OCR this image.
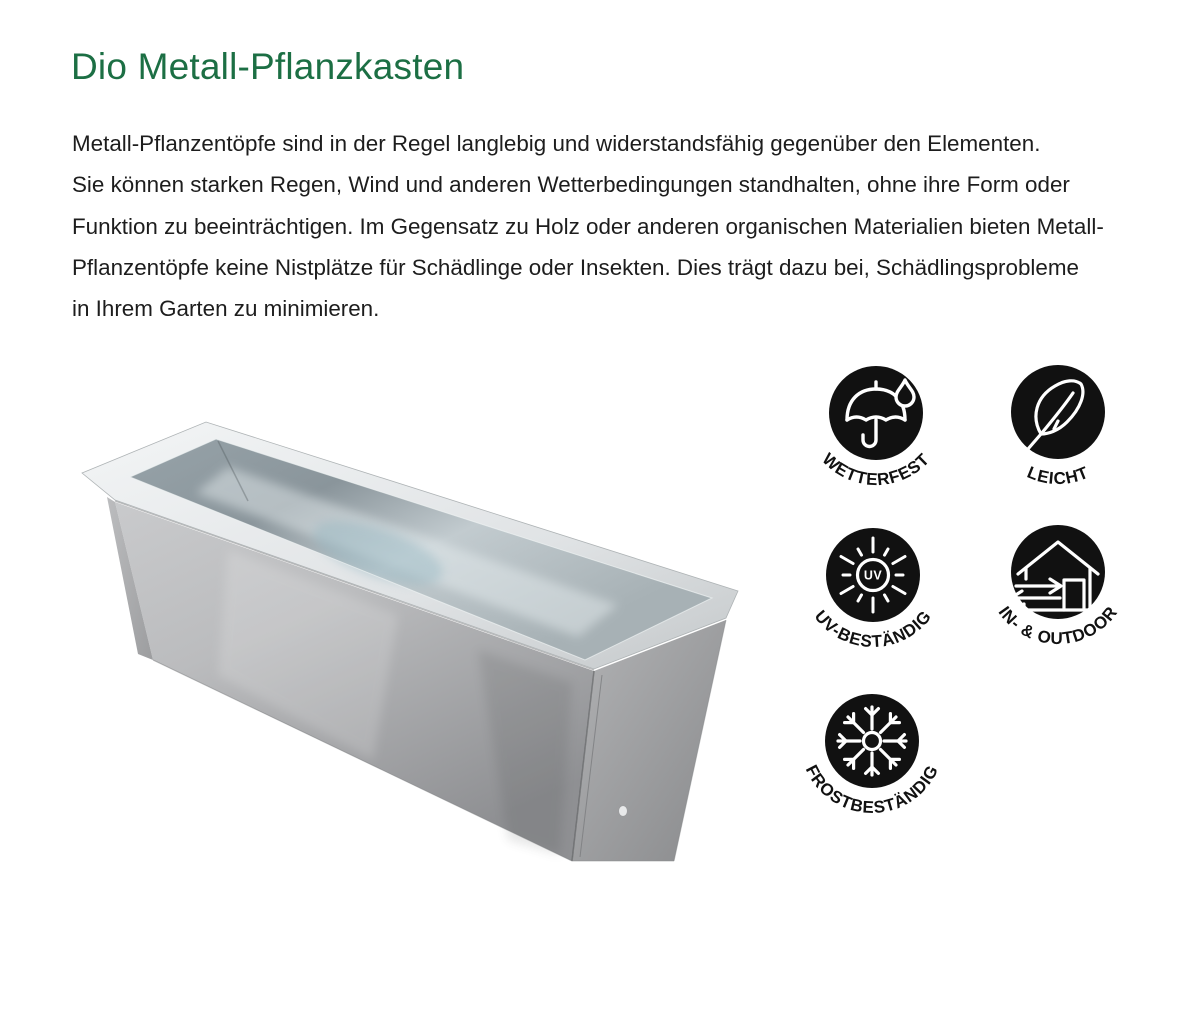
Dio Metall-Pflanzkasten
Metall-Pflanzentöpfe sind in der Regel langlebig und widerstandsfähig gegenüber den Elementen.
Sie können starken Regen, Wind und anderen Wetterbedingungen standhalten, ohne ihre Form oder
Funktion zu beeinträchtigen. Im Gegensatz zu Holz oder anderen organischen Materialien bieten Metall-
Pflanzentöpfe keine Nistplätze für Schädlinge oder Insekten. Dies trägt dazu bei, Schädlingsprobleme
in Ihrem Garten zu minimieren.
WETTERFEST
LEICHT
UV
UV-BESTÄNDIG	IN- & OUTDOOR
FROSTBESTÄNDIG
